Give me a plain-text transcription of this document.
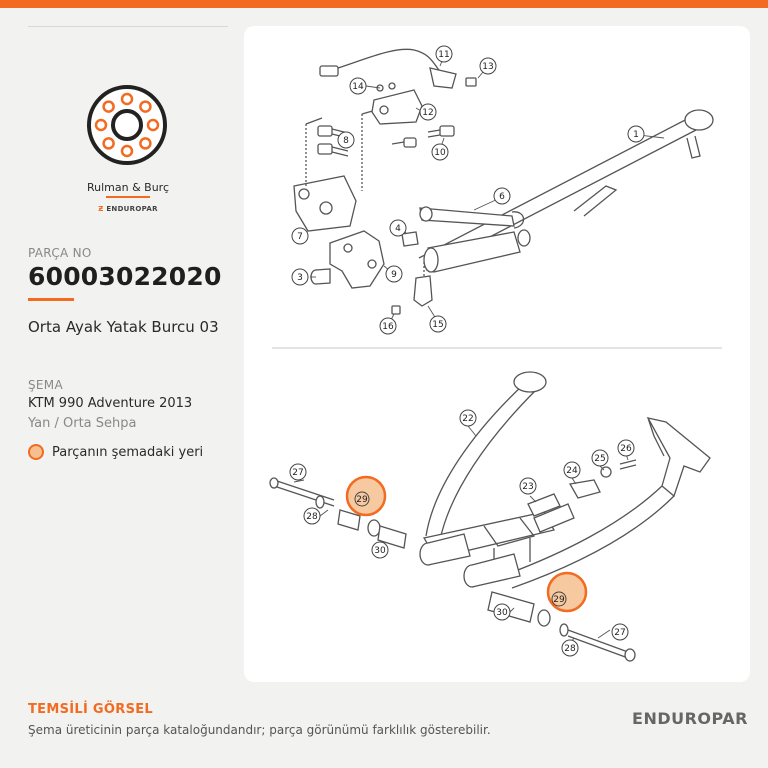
Rulman & Burç
Ƶ ENDUROPAR
PARÇA NO
60003022020
Orta Ayak Yatak Burcu 03
ŞEMA
KTM 990 Adventure 2013
Yan / Orta Sehpa
Parçanın şemadaki yeri
1
3
4
6
7
8
9
10
11
12
13
14
15
16
22
23
24
25
26
27
27
28
28
30
30
29
29
TEMSİLİ GÖRSEL
Şema üreticinin parça kataloğundandır; parça görünümü farklılık gösterebilir.
ENDUROPAR
